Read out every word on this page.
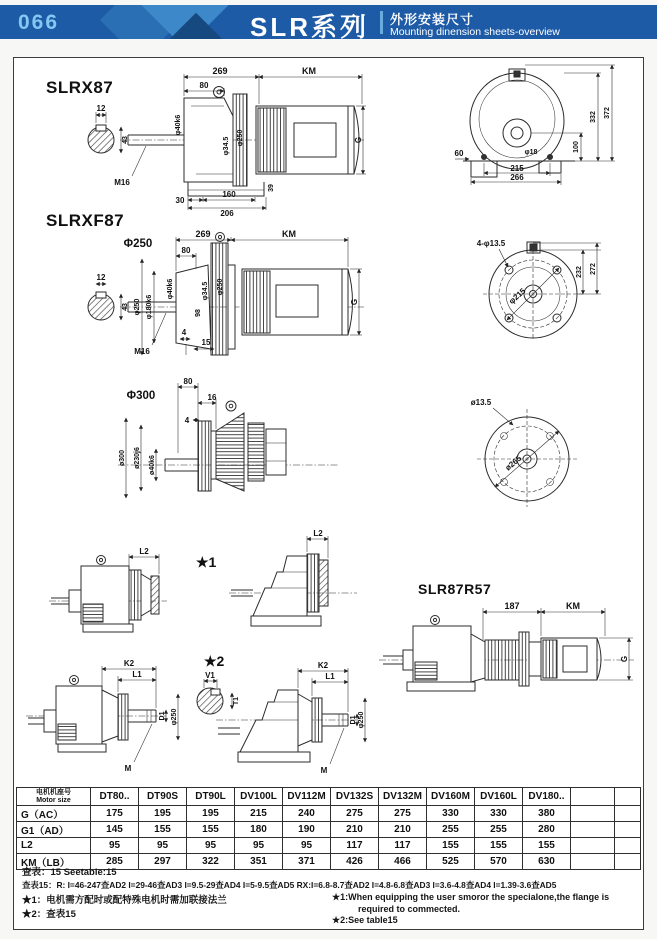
066	SLR系列 外形安装尺寸
Mounting dinension sheets-overview
SLRX87
12
43
269	KM
80
G
φ40k6
φ34.5 φ250
39
M16
30
160
206
60
215
266
φ18	100
332 372
SLRXF87
Φ250
12
43 φ250 φ180k6
269	KM
80
G
φ40k6	φ34.5 φ250
98
M16
4
15
4-φ13.5
φ215
232 272
Φ300
ø300 ø230j6 ø40k6
80
16
4
ø13.5
ø265
L2
★1
L2
SLR87R57
187	KM
G
★2
K2
L1
D1 φ250
M
V1
T1
K2
L1
D1 φ250
M
电机机座号
Motor size	DT80..	DT90S	DT90L	DV100L	DV112M	DV132S	DV132M	DV160M	DV160L	DV180..		
G（AC）	175	195	195	215	240	275	275	330	330	380		
G1（AD）	145	155	155	180	190	210	210	255	255	280		
L2	95	95	95	95	95	117	117	155	155	155		
KM（LB）	285	297	322	351	371	426	466	525	570	630		
查表：15 Seetable:15
查表15：R: I=46-247查AD2 I=29-46查AD3 I=9.5-29查AD4 I=5-9.5查AD5 RX:I=6.8-8.7查AD2 I=4.8-6.8查AD3 I=3.6-4.8查AD4 I=1.39-3.6查AD5
★1：电机需方配时或配特殊电机时需加联接法兰
★2：查表15
★1:When equipping the user smoror the specialone,the flange is
required to commected.
★2:See table15
